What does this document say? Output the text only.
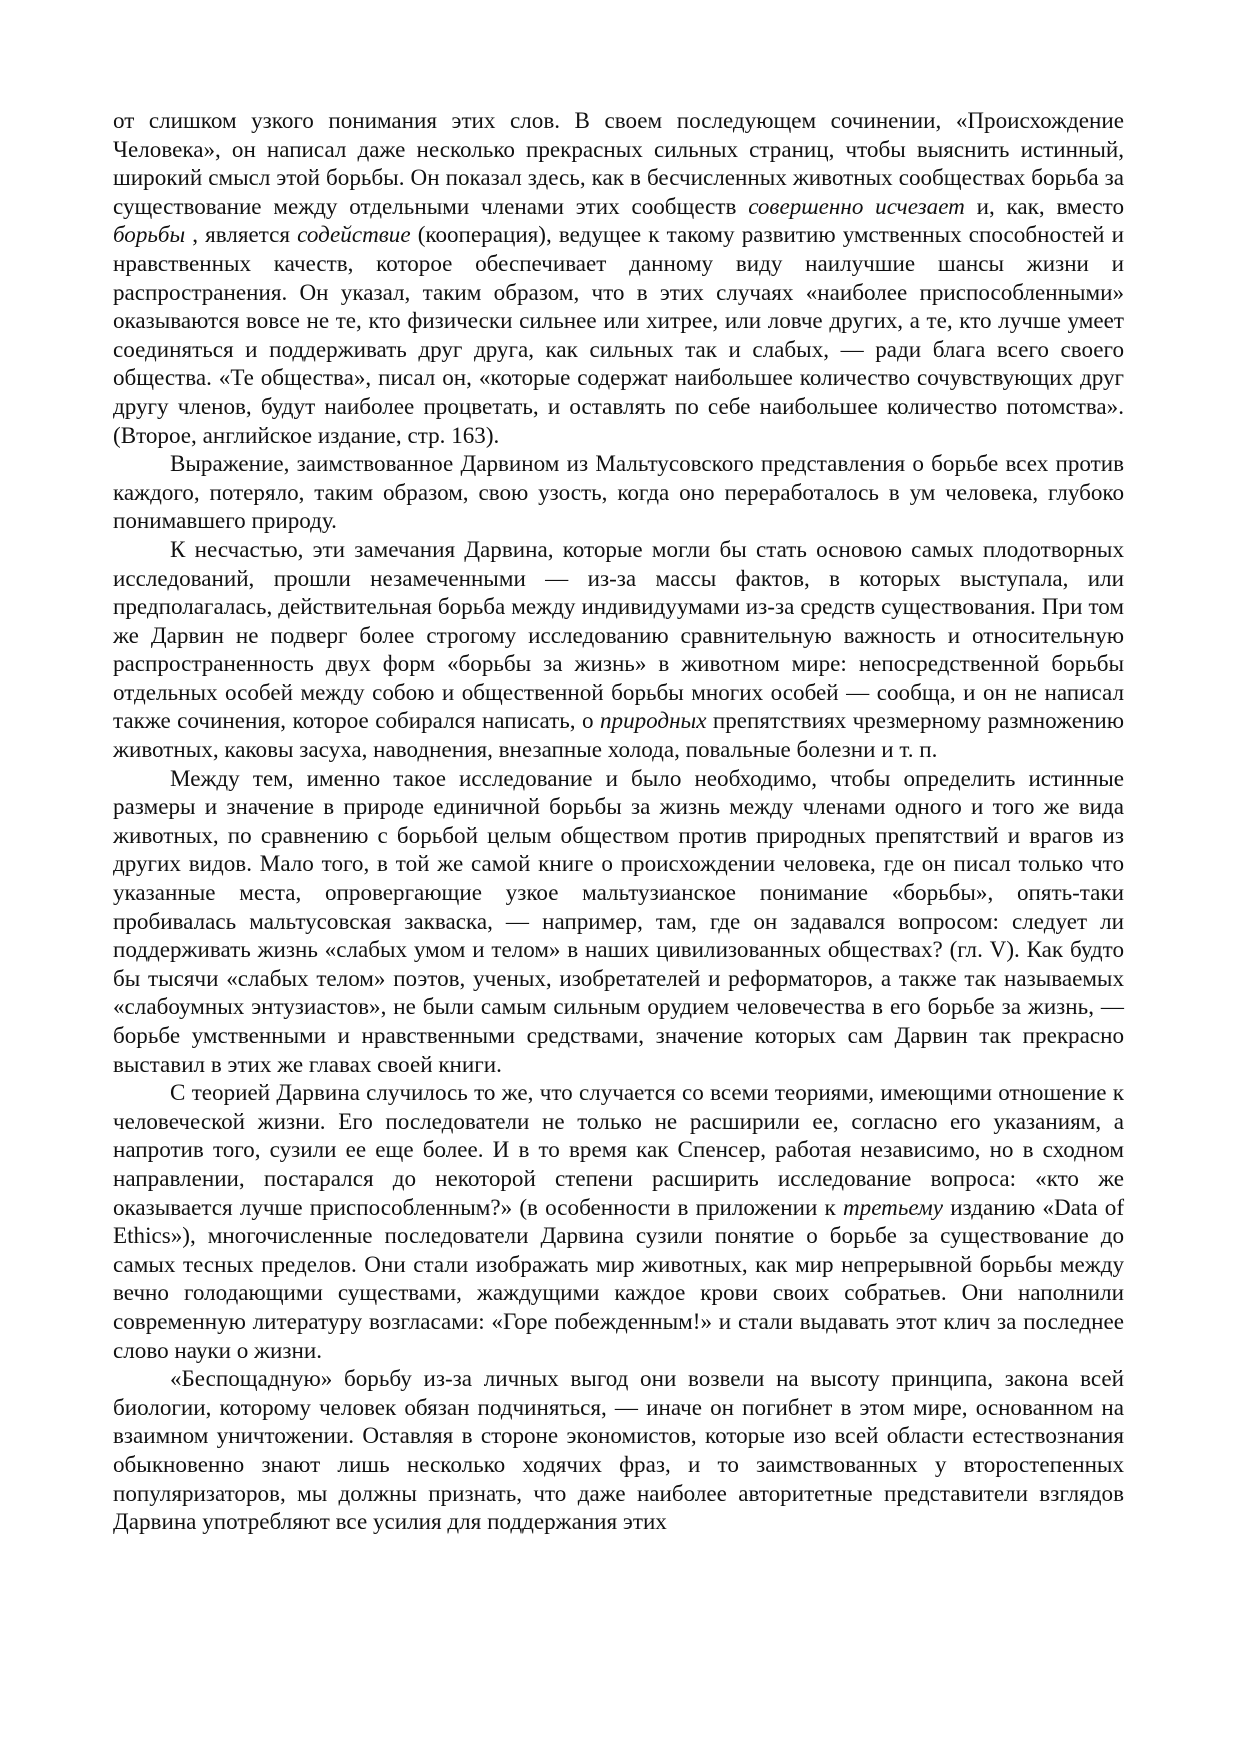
от слишком узкого понимания этих слов. В своем последующем сочинении, «Происхождение Человека», он написал даже несколько прекрасных сильных страниц, чтобы выяснить истинный, широкий смысл этой борьбы. Он показал здесь, как в бесчисленных животных сообществах борьба за существование между отдельными членами этих сообществ совершенно исчезает и, как, вместо борьбы , является содействие (кооперация), ведущее к такому развитию умственных способностей и нравственных качеств, которое обеспечивает данному виду наилучшие шансы жизни и распространения. Он указал, таким образом, что в этих случаях «наиболее приспособленными» оказываются вовсе не те, кто физически сильнее или хитрее, или ловче других, а те, кто лучше умеет соединяться и поддерживать друг друга, как сильных так и слабых, — ради блага всего своего общества. «Те общества», писал он, «которые содержат наибольшее количество сочувствующих друг другу членов, будут наиболее процветать, и оставлять по себе наибольшее количество потомства». (Второе, английское издание, стр. 163).

Выражение, заимствованное Дарвином из Мальтусовского представления о борьбе всех против каждого, потеряло, таким образом, свою узость, когда оно переработалось в ум человека, глубоко понимавшего природу.

К несчастью, эти замечания Дарвина, которые могли бы стать основою самых плодотворных исследований, прошли незамеченными — из-за массы фактов, в которых выступала, или предполагалась, действительная борьба между индивидуумами из-за средств существования. При том же Дарвин не подверг более строгому исследованию сравнительную важность и относительную распространенность двух форм «борьбы за жизнь» в животном мире: непосредственной борьбы отдельных особей между собою и общественной борьбы многих особей — сообща, и он не написал также сочинения, которое собирался написать, о природных препятствиях чрезмерному размножению животных, каковы засуха, наводнения, внезапные холода, повальные болезни и т. п.

Между тем, именно такое исследование и было необходимо, чтобы определить истинные размеры и значение в природе единичной борьбы за жизнь между членами одного и того же вида животных, по сравнению с борьбой целым обществом против природных препятствий и врагов из других видов. Мало того, в той же самой книге о происхождении человека, где он писал только что указанные места, опровергающие узкое мальтузианское понимание «борьбы», опять-таки пробивалась мальтусовская закваска, — например, там, где он задавался вопросом: следует ли поддерживать жизнь «слабых умом и телом» в наших цивилизованных обществах? (гл. V). Как будто бы тысячи «слабых телом» поэтов, ученых, изобретателей и реформаторов, а также так называемых «слабоумных энтузиастов», не были самым сильным орудием человечества в его борьбе за жизнь, — борьбе умственными и нравственными средствами, значение которых сам Дарвин так прекрасно выставил в этих же главах своей книги.

С теорией Дарвина случилось то же, что случается со всеми теориями, имеющими отношение к человеческой жизни. Его последователи не только не расширили ее, согласно его указаниям, а напротив того, сузили ее еще более. И в то время как Спенсер, работая независимо, но в сходном направлении, постарался до некоторой степени расширить исследование вопроса: «кто же оказывается лучше приспособленным?» (в особенности в приложении к третьему изданию «Data of Ethics»), многочисленные последователи Дарвина сузили понятие о борьбе за существование до самых тесных пределов. Они стали изображать мир животных, как мир непрерывной борьбы между вечно голодающими существами, жаждущими каждое крови своих собратьев. Они наполнили современную литературу возгласами: «Горе побежденным!» и стали выдавать этот клич за последнее слово науки о жизни.

«Беспощадную» борьбу из-за личных выгод они возвели на высоту принципа, закона всей биологии, которому человек обязан подчиняться, — иначе он погибнет в этом мире, основанном на взаимном уничтожении. Оставляя в стороне экономистов, которые изо всей области естествознания обыкновенно знают лишь несколько ходячих фраз, и то заимствованных у второстепенных популяризаторов, мы должны признать, что даже наиболее авторитетные представители взглядов Дарвина употребляют все усилия для поддержания этих
